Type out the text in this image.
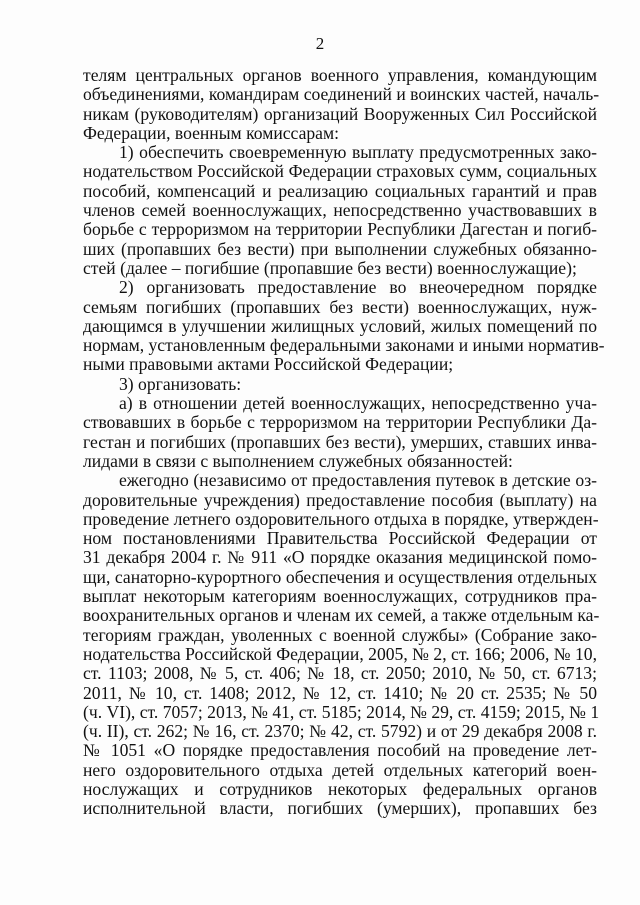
2
телям центральных органов военного управления, командующим
объединениями, командирам соединений и воинских частей, началь-
никам (руководителям) организаций Вооруженных Сил Российской
Федерации, военным комиссарам:
1) обеспечить своевременную выплату предусмотренных зако-
нодательством Российской Федерации страховых сумм, социальных
пособий, компенсаций и реализацию социальных гарантий и прав
членов семей военнослужащих, непосредственно участвовавших в
борьбе с терроризмом на территории Республики Дагестан и погиб-
ших (пропавших без вести) при выполнении служебных обязанно-
стей (далее – погибшие (пропавшие без вести) военнослужащие);
2) организовать предоставление во внеочередном порядке
семьям погибших (пропавших без вести) военнослужащих, нуж-
дающимся в улучшении жилищных условий, жилых помещений по
нормам, установленным федеральными законами и иными норматив-
ными правовыми актами Российской Федерации;
3) организовать:
а) в отношении детей военнослужащих, непосредственно уча-
ствовавших в борьбе с терроризмом на территории Республики Да-
гестан и погибших (пропавших без вести), умерших, ставших инва-
лидами в связи с выполнением служебных обязанностей:
ежегодно (независимо от предоставления путевок в детские оз-
доровительные учреждения) предоставление пособия (выплату) на
проведение летнего оздоровительного отдыха в порядке, утвержден-
ном постановлениями Правительства Российской Федерации от
31 декабря 2004 г. № 911 «О порядке оказания медицинской помо-
щи, санаторно-курортного обеспечения и осуществления отдельных
выплат некоторым категориям военнослужащих, сотрудников пра-
воохранительных органов и членам их семей, а также отдельным ка-
тегориям граждан, уволенных с военной службы» (Собрание зако-
нодательства Российской Федерации, 2005, № 2, ст. 166; 2006, № 10,
ст. 1103; 2008, № 5, ст. 406; № 18, ст. 2050; 2010, № 50, ст. 6713;
2011, № 10, ст. 1408; 2012, № 12, ст. 1410; № 20 ст. 2535; № 50
(ч. VI), ст. 7057; 2013, № 41, ст. 5185; 2014, № 29, ст. 4159; 2015, № 1
(ч. II), ст. 262; № 16, ст. 2370; № 42, ст. 5792) и от 29 декабря 2008 г.
№ 1051 «О порядке предоставления пособий на проведение лет-
него оздоровительного отдыха детей отдельных категорий воен-
нослужащих и сотрудников некоторых федеральных органов
исполнительной власти, погибших (умерших), пропавших без
